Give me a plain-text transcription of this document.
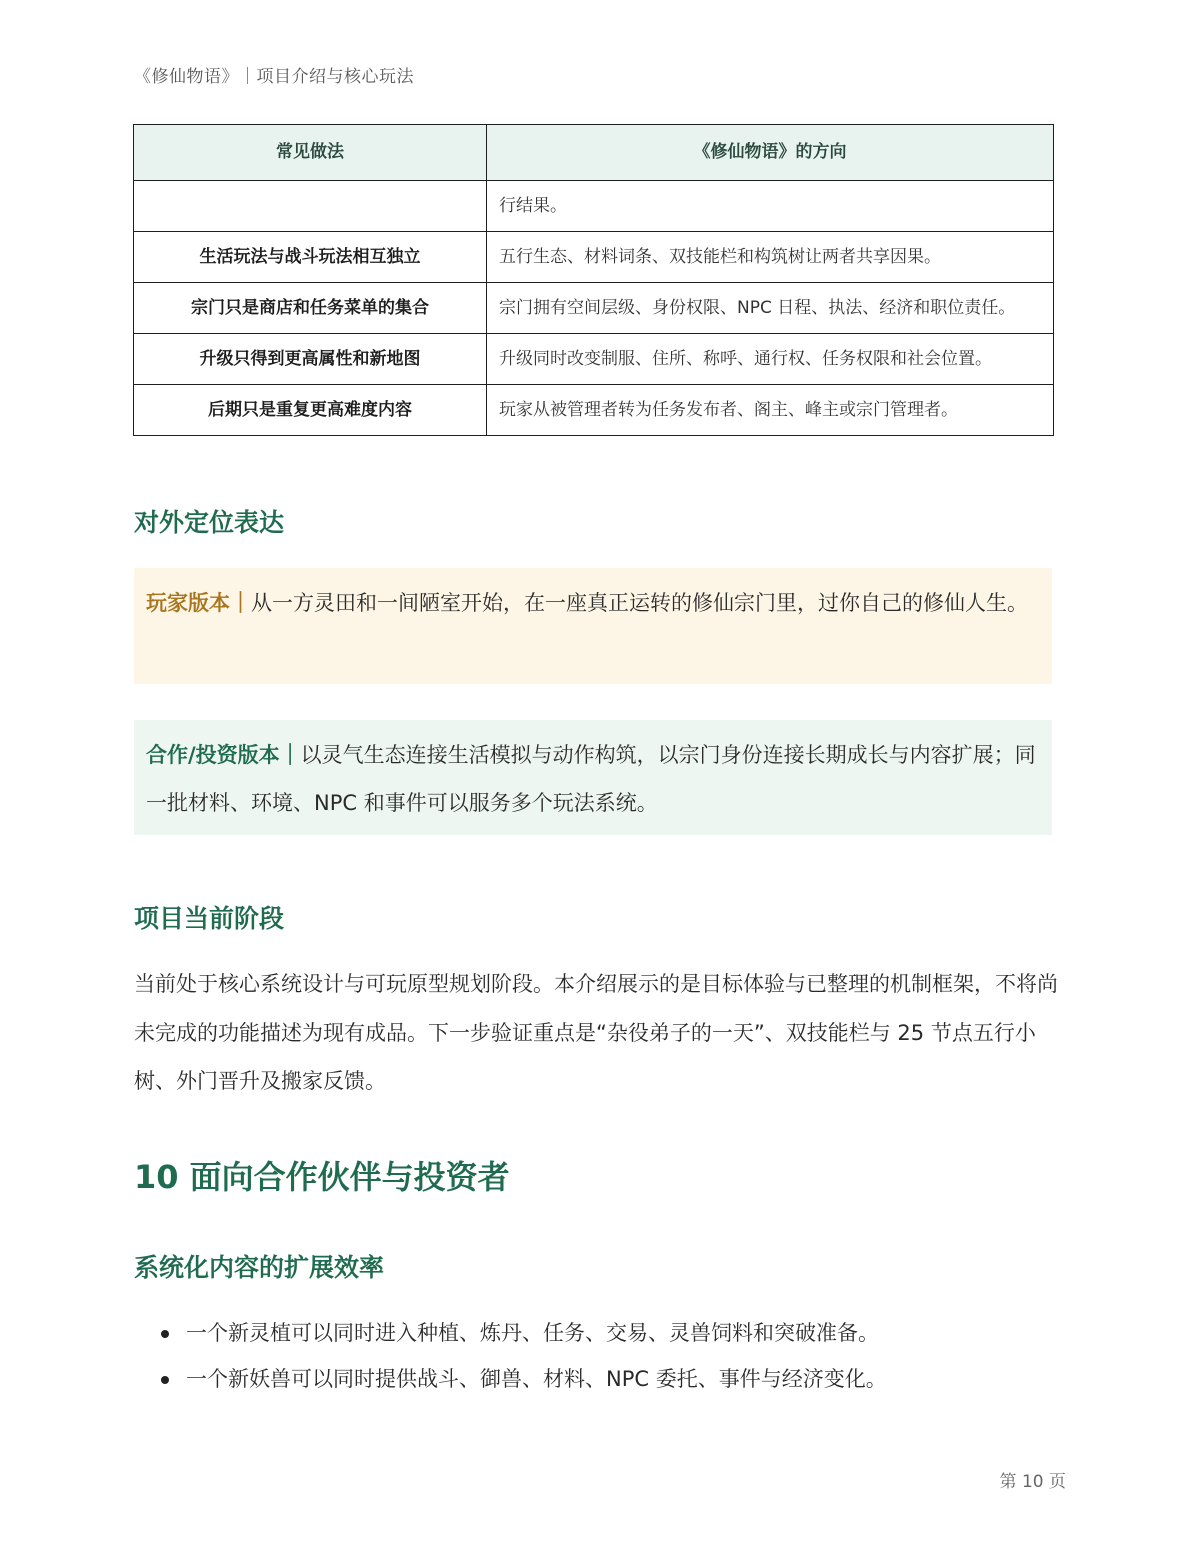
《修仙物语》｜项目介绍与核心玩法
常见做法	《修仙物语》的方向
	行结果。
生活玩法与战斗玩法相互独立	五行生态、材料词条、双技能栏和构筑树让两者共享因果。
宗门只是商店和任务菜单的集合	宗门拥有空间层级、身份权限、NPC 日程、执法、经济和职位责任。
升级只得到更高属性和新地图	升级同时改变制服、住所、称呼、通行权、任务权限和社会位置。
后期只是重复更高难度内容	玩家从被管理者转为任务发布者、阁主、峰主或宗门管理者。
对外定位表达
玩家版本｜从一方灵田和一间陋室开始，在一座真正运转的修仙宗门里，过你自己的修仙人生。
合作/投资版本｜以灵气生态连接生活模拟与动作构筑，以宗门身份连接长期成长与内容扩展；同一批材料、环境、NPC 和事件可以服务多个玩法系统。
项目当前阶段

当前处于核心系统设计与可玩原型规划阶段。本介绍展示的是目标体验与已整理的机制框架，不将尚未完成的功能描述为现有成品。下一步验证重点是“杂役弟子的一天”、双技能栏与 25 节点五行小树、外门晋升及搬家反馈。

10 面向合作伙伴与投资者
系统化内容的扩展效率
一个新灵植可以同时进入种植、炼丹、任务、交易、灵兽饲料和突破准备。
一个新妖兽可以同时提供战斗、御兽、材料、NPC 委托、事件与经济变化。
第 10 页
